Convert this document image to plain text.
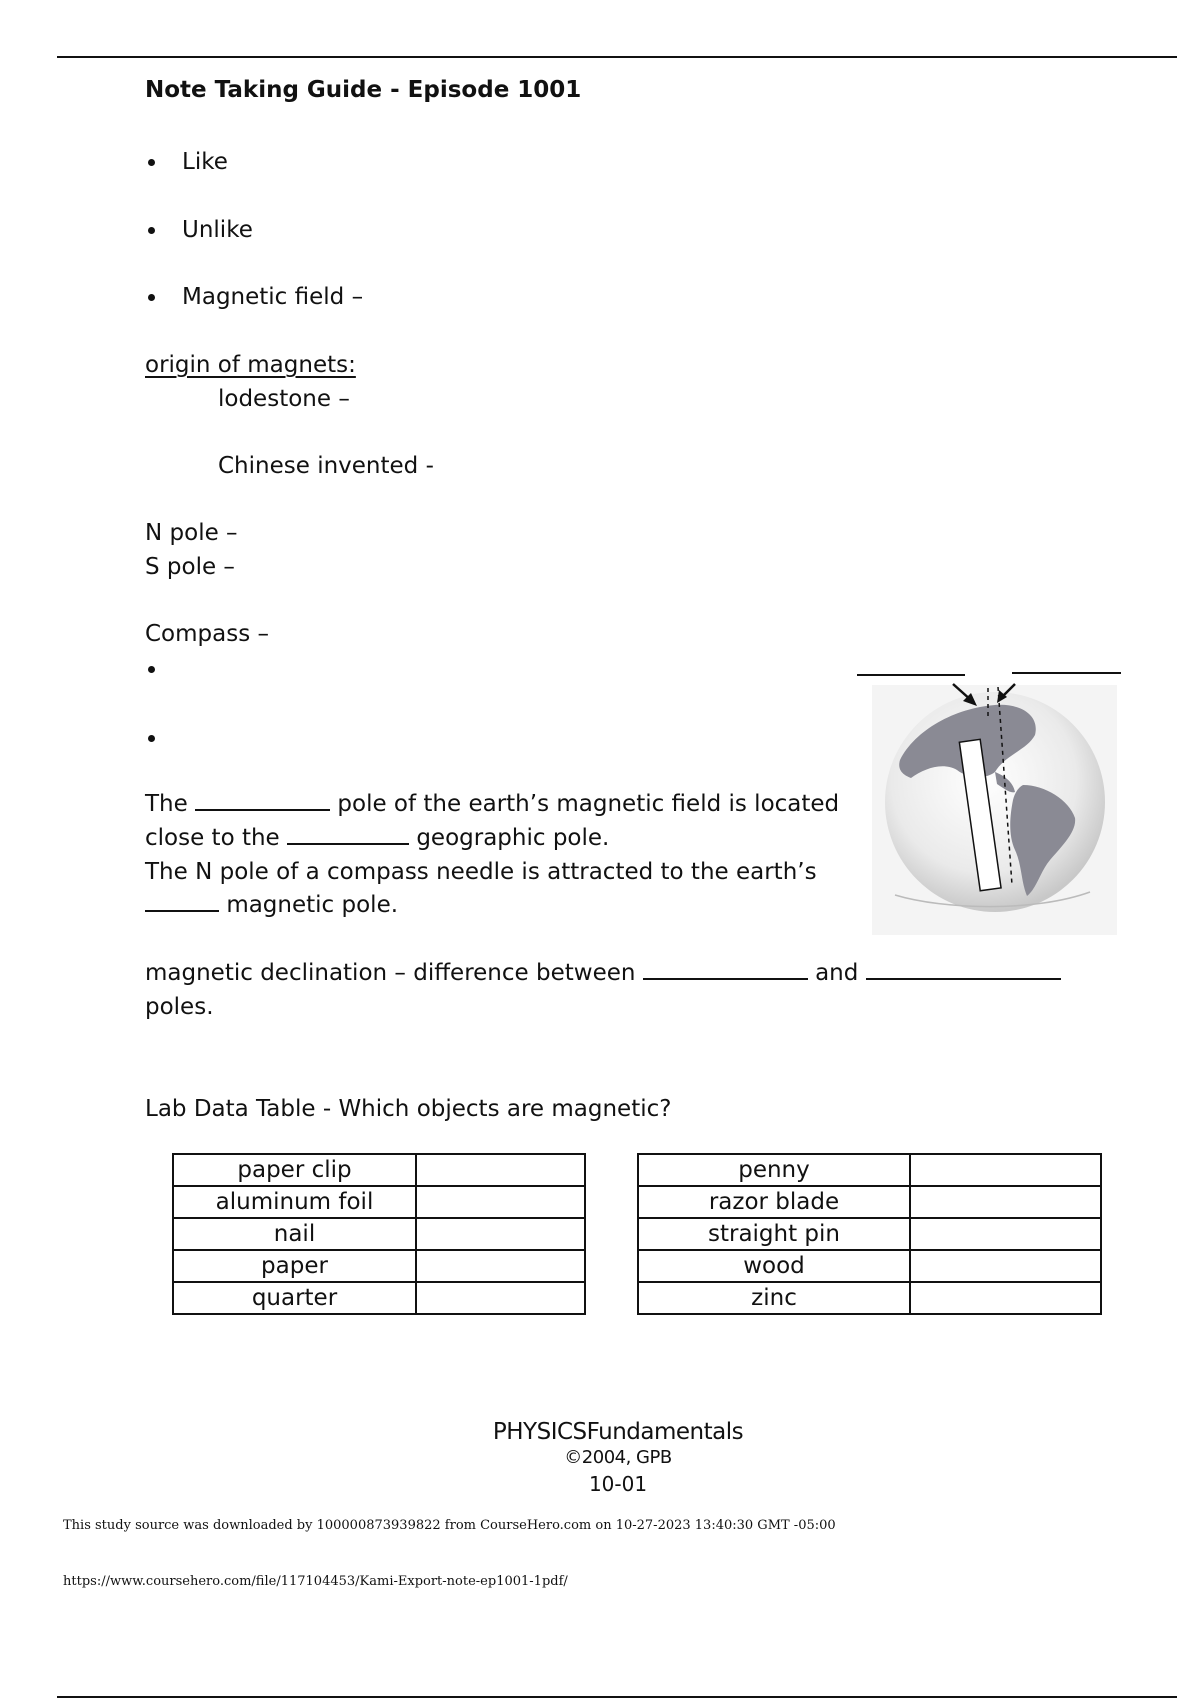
Note Taking Guide - Episode 1001
Like
Unlike
Magnetic field –
origin of magnets:
lodestone –
Chinese invented -
N pole –
S pole –
Compass –
The	pole of the earth’s magnetic field is located
close to the	geographic pole.
The N pole of a compass needle is attracted to the earth’s
magnetic pole.
magnetic declination – difference between	and
poles.
Lab Data Table - Which objects are magnetic?
paper clip	
aluminum foil	
nail	
paper	
quarter	
penny	
razor blade	
straight pin	
wood	
zinc	
PHYSICSFundamentals
©2004, GPB
10-01
This study source was downloaded by 100000873939822 from CourseHero.com on 10-27-2023 13:40:30 GMT -05:00
https://www.coursehero.com/file/117104453/Kami-Export-note-ep1001-1pdf/
